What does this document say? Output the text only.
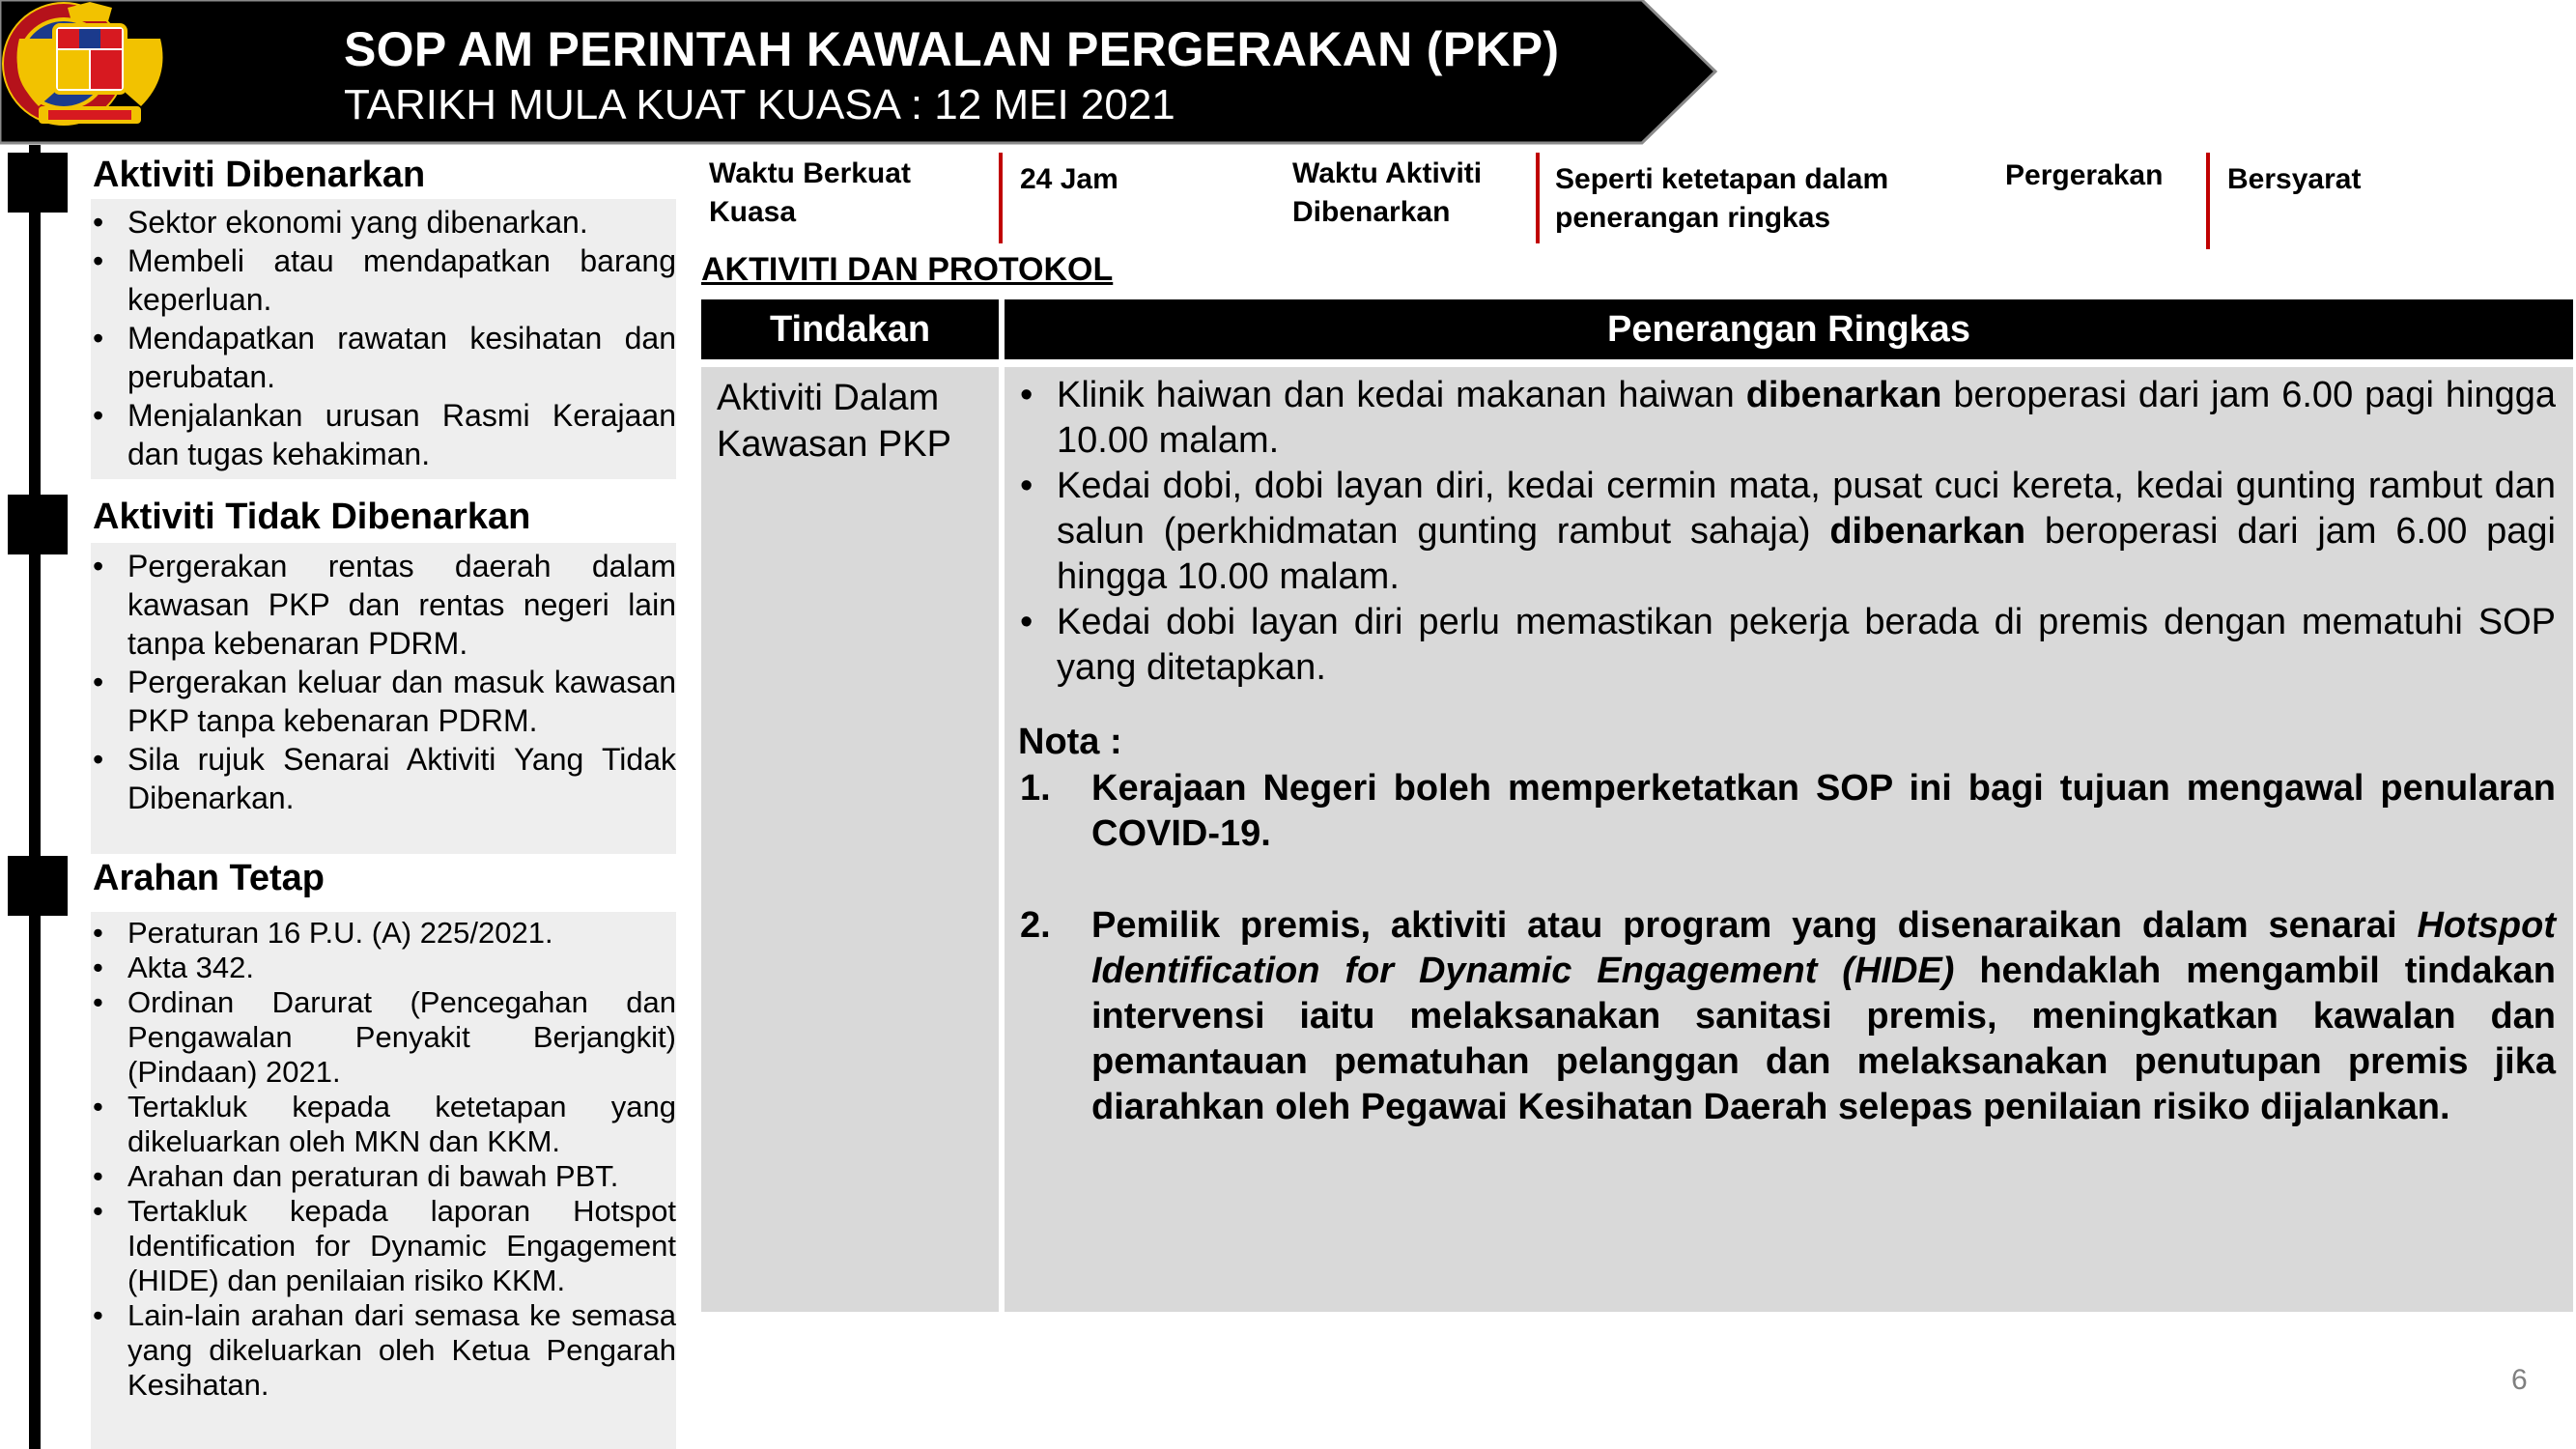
SOP AM PERINTAH KAWALAN PERGERAKAN (PKP)
TARIKH MULA KUAT KUASA : 12 MEI 2021
Aktiviti Dibenarkan
• Sektor ekonomi yang dibenarkan.
• Membeli atau mendapatkan barang keperluan.
• Mendapatkan rawatan kesihatan dan perubatan.
• Menjalankan urusan Rasmi Kerajaan dan tugas kehakiman.
Aktiviti Tidak Dibenarkan
• Pergerakan rentas daerah dalam kawasan PKP dan rentas negeri lain tanpa kebenaran PDRM.
• Pergerakan keluar dan masuk kawasan PKP tanpa kebenaran PDRM.
• Sila rujuk Senarai Aktiviti Yang Tidak Dibenarkan.
Arahan Tetap
• Peraturan 16 P.U. (A) 225/2021.
• Akta 342.
• Ordinan Darurat (Pencegahan dan Pengawalan Penyakit Berjangkit) (Pindaan) 2021.
• Tertakluk kepada ketetapan yang dikeluarkan oleh MKN dan KKM.
• Arahan dan peraturan di bawah PBT.
• Tertakluk kepada laporan Hotspot Identification for Dynamic Engagement (HIDE) dan penilaian risiko KKM.
• Lain-lain arahan dari semasa ke semasa yang dikeluarkan oleh Ketua Pengarah Kesihatan.
Waktu Berkuat Kuasa
24 Jam	Waktu Aktiviti Dibenarkan
Seperti ketetapan dalam penerangan ringkas
Pergerakan Bersyarat
AKTIVITI DAN PROTOKOL
Tindakan	Penerangan Ringkas
Aktiviti Dalam Kawasan PKP
• Klinik haiwan dan kedai makanan haiwan dibenarkan beroperasi dari jam 6.00 pagi hingga 10.00 malam.
• Kedai dobi, dobi layan diri, kedai cermin mata, pusat cuci kereta, kedai gunting rambut dan salun (perkhidmatan gunting rambut sahaja) dibenarkan beroperasi dari jam 6.00 pagi hingga 10.00 malam.
• Kedai dobi layan diri perlu memastikan pekerja berada di premis dengan mematuhi SOP yang ditetapkan.
Nota :
1. Kerajaan Negeri boleh memperketatkan SOP ini bagi tujuan mengawal penularan COVID-19.
2. Pemilik premis, aktiviti atau program yang disenaraikan dalam senarai Hotspot Identification for Dynamic Engagement (HIDE) hendaklah mengambil tindakan intervensi iaitu melaksanakan sanitasi premis, meningkatkan kawalan dan pemantauan pematuhan pelanggan dan melaksanakan penutupan premis jika diarahkan oleh Pegawai Kesihatan Daerah selepas penilaian risiko dijalankan.
6
